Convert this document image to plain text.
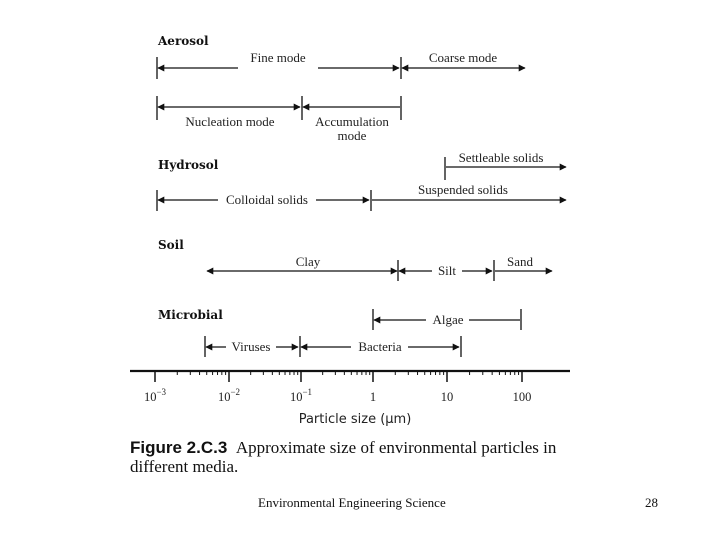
Aerosol
Hydrosol
Soil
Microbial
Fine mode	Coarse mode
Nucleation mode	Accumulation
mode
Settleable solids
Colloidal solids
Suspended solids
Clay
Silt
Sand
Algae
Viruses	Bacteria
$10^{-3}$	$10^{-2}$	$10^{-1}$	1	10	100
Particle size (μm)
Figure 2.C.3 Approximate size of environmental particles in different media.
Environmental Engineering Science	28
